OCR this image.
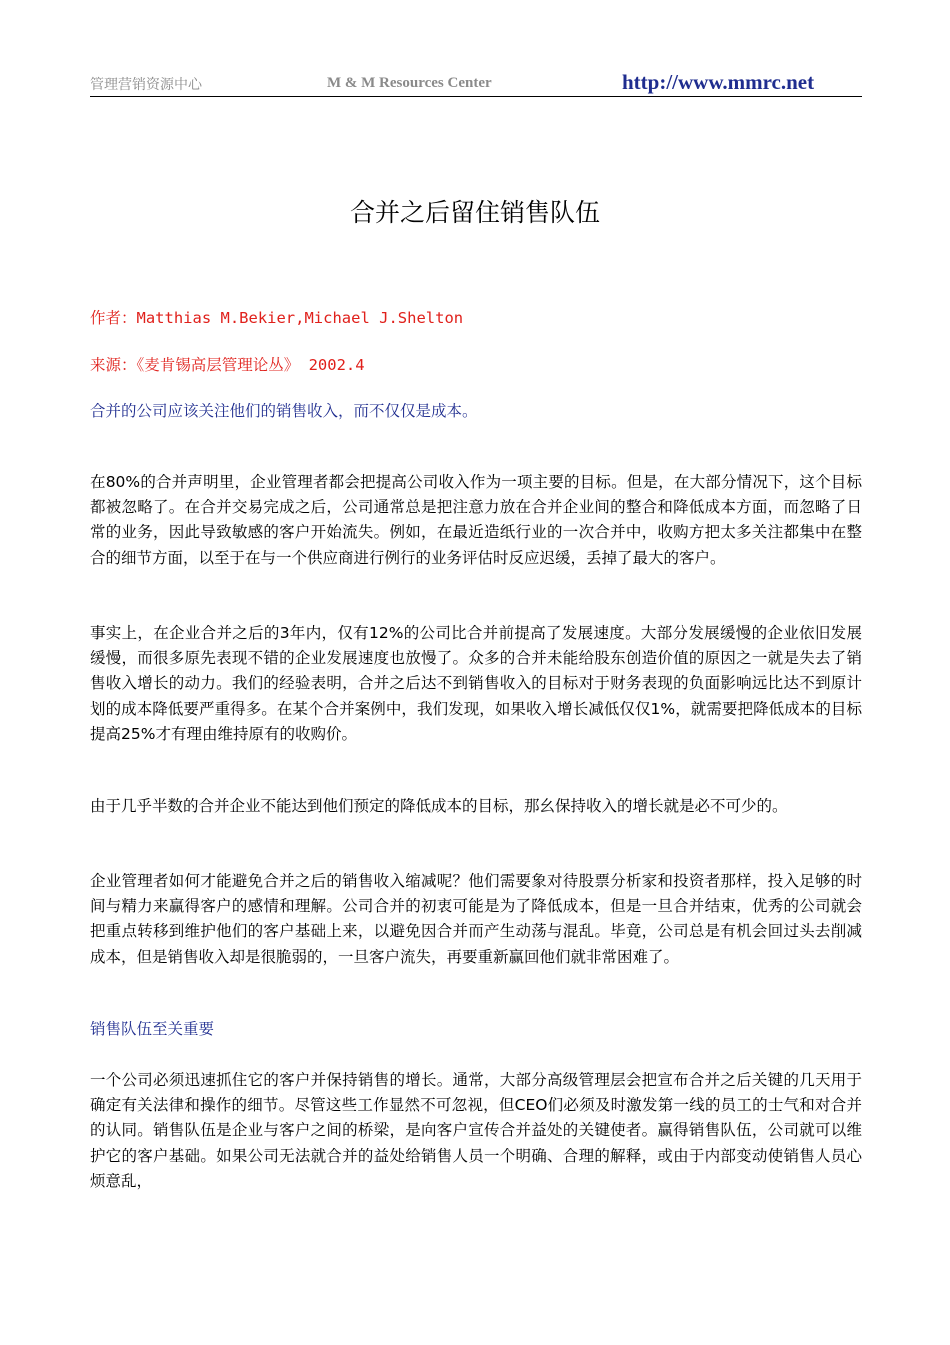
管理营销资源中心	M & M Resources Center	http://www.mmrc.net
合并之后留住销售队伍
作者：Matthias M.Bekier,Michael J.Shelton
来源：《麦肯锡高层管理论丛》 2002.4
合并的公司应该关注他们的销售收入，而不仅仅是成本。

在80%的合并声明里，企业管理者都会把提高公司收入作为一项主要的目标。但是，在大部分情况下，这个目标都被忽略了。在合并交易完成之后，公司通常总是把注意力放在合并企业间的整合和降低成本方面，而忽略了日常的业务，因此导致敏感的客户开始流失。例如，在最近造纸行业的一次合并中，收购方把太多关注都集中在整合的细节方面，以至于在与一个供应商进行例行的业务评估时反应迟缓，丢掉了最大的客户。

事实上，在企业合并之后的3年内，仅有12%的公司比合并前提高了发展速度。大部分发展缓慢的企业依旧发展缓慢，而很多原先表现不错的企业发展速度也放慢了。众多的合并未能给股东创造价值的原因之一就是失去了销售收入增长的动力。我们的经验表明，合并之后达不到销售收入的目标对于财务表现的负面影响远比达不到原计划的成本降低要严重得多。在某个合并案例中，我们发现，如果收入增长减低仅仅1%，就需要把降低成本的目标提高25%才有理由维持原有的收购价。

由于几乎半数的合并企业不能达到他们预定的降低成本的目标，那幺保持收入的增长就是必不可少的。

企业管理者如何才能避免合并之后的销售收入缩减呢？他们需要象对待股票分析家和投资者那样，投入足够的时间与精力来赢得客户的感情和理解。公司合并的初衷可能是为了降低成本，但是一旦合并结束，优秀的公司就会把重点转移到维护他们的客户基础上来，以避免因合并而产生动荡与混乱。毕竟，公司总是有机会回过头去削减成本，但是销售收入却是很脆弱的，一旦客户流失，再要重新赢回他们就非常困难了。

销售队伍至关重要

一个公司必须迅速抓住它的客户并保持销售的增长。通常，大部分高级管理层会把宣布合并之后关键的几天用于确定有关法律和操作的细节。尽管这些工作显然不可忽视，但CEO们必须及时激发第一线的员工的士气和对合并的认同。销售队伍是企业与客户之间的桥梁，是向客户宣传合并益处的关键使者。赢得销售队伍，公司就可以维护它的客户基础。如果公司无法就合并的益处给销售人员一个明确、合理的解释，或由于内部变动使销售人员心烦意乱，
